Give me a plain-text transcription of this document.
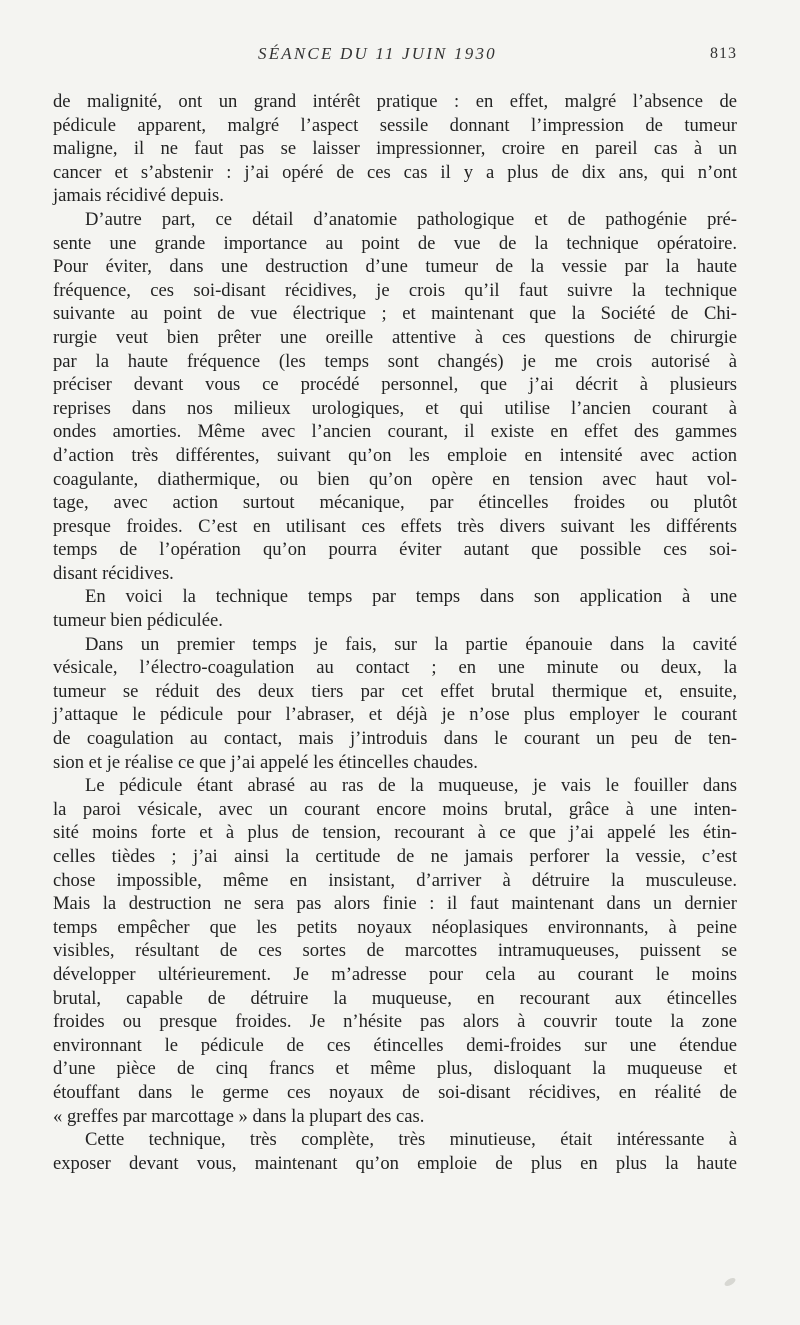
SÉANCE DU 11 JUIN 1930	813
de malignité, ont un grand intérêt pratique : en effet, malgré l’absence de
pédicule apparent, malgré l’aspect sessile donnant l’impression de tumeur
maligne, il ne faut pas se laisser impressionner, croire en pareil cas à un
cancer et s’abstenir : j’ai opéré de ces cas il y a plus de dix ans, qui n’ont
jamais récidivé depuis.
D’autre part, ce détail d’anatomie pathologique et de pathogénie pré-
sente une grande importance au point de vue de la technique opératoire.
Pour éviter, dans une destruction d’une tumeur de la vessie par la haute
fréquence, ces soi-disant récidives, je crois qu’il faut suivre la technique
suivante au point de vue électrique ; et maintenant que la Société de Chi-
rurgie veut bien prêter une oreille attentive à ces questions de chirurgie
par la haute fréquence (les temps sont changés) je me crois autorisé à
préciser devant vous ce procédé personnel, que j’ai décrit à plusieurs
reprises dans nos milieux urologiques, et qui utilise l’ancien courant à
ondes amorties. Même avec l’ancien courant, il existe en effet des gammes
d’action très différentes, suivant qu’on les emploie en intensité avec action
coagulante, diathermique, ou bien qu’on opère en tension avec haut vol-
tage, avec action surtout mécanique, par étincelles froides ou plutôt
presque froides. C’est en utilisant ces effets très divers suivant les différents
temps de l’opération qu’on pourra éviter autant que possible ces soi-
disant récidives.
En voici la technique temps par temps dans son application à une
tumeur bien pédiculée.
Dans un premier temps je fais, sur la partie épanouie dans la cavité
vésicale, l’électro-coagulation au contact ; en une minute ou deux, la
tumeur se réduit des deux tiers par cet effet brutal thermique et, ensuite,
j’attaque le pédicule pour l’abraser, et déjà je n’ose plus employer le courant
de coagulation au contact, mais j’introduis dans le courant un peu de ten-
sion et je réalise ce que j’ai appelé les étincelles chaudes.
Le pédicule étant abrasé au ras de la muqueuse, je vais le fouiller dans
la paroi vésicale, avec un courant encore moins brutal, grâce à une inten-
sité moins forte et à plus de tension, recourant à ce que j’ai appelé les étin-
celles tièdes ; j’ai ainsi la certitude de ne jamais perforer la vessie, c’est
chose impossible, même en insistant, d’arriver à détruire la musculeuse.
Mais la destruction ne sera pas alors finie : il faut maintenant dans un dernier
temps empêcher que les petits noyaux néoplasiques environnants, à peine
visibles, résultant de ces sortes de marcottes intramuqueuses, puissent se
développer ultérieurement. Je m’adresse pour cela au courant le moins
brutal, capable de détruire la muqueuse, en recourant aux étincelles
froides ou presque froides. Je n’hésite pas alors à couvrir toute la zone
environnant le pédicule de ces étincelles demi-froides sur une étendue
d’une pièce de cinq francs et même plus, disloquant la muqueuse et
étouffant dans le germe ces noyaux de soi-disant récidives, en réalité de
« greffes par marcottage » dans la plupart des cas.
Cette technique, très complète, très minutieuse, était intéressante à
exposer devant vous, maintenant qu’on emploie de plus en plus la haute
